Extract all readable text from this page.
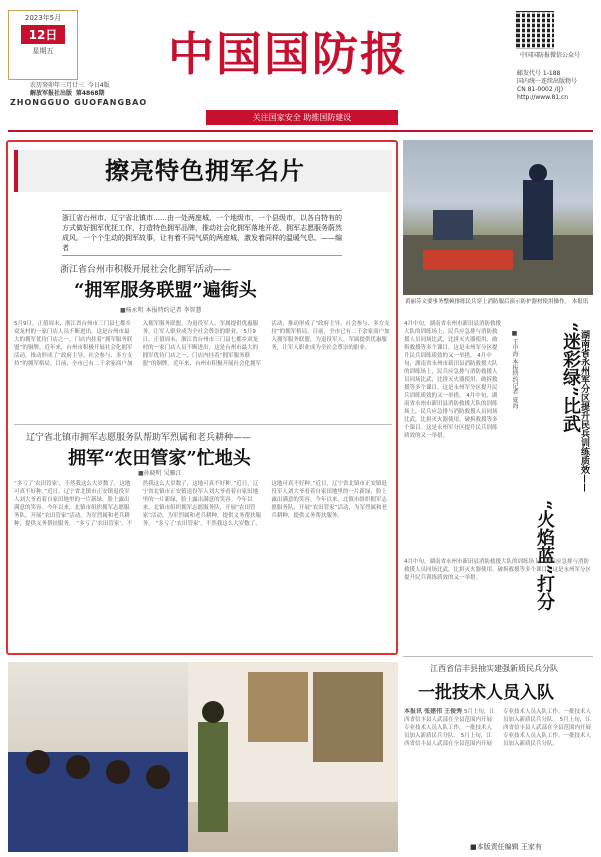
2023年5月
12日
星期五
农历癸卯年三月廿三 今日4版
解放军报社出版 第4868期
中国国防报
ZHONGGUO GUOFANGBAO
关注国家安全 助推国防建设
中国国防报微信公众号
邮发代号 1-188
国内统一连续出版物号
CN 81-0002 /(J)
http://www.81.cn
擦亮特色拥军名片
浙江省台州市、辽宁省北镇市……由一处两座城、一个地级市、一个县级市，以各自特有的方式做好拥军优抚工作，打造特色拥军品牌，推动社会化拥军落地开花、拥军志愿服务蔚然成风。一个个生动的拥军故事，让有着不同气质的两座城、激发着同样的温暖气息。——编者
浙江省台州市积极开展社会化拥军活动——
“拥军服务联盟”遍街头
■杨永明 本报特约记者 李智慧
5月9日，正值周末，浙江省台州市三门县七都乡双龙村的一家门店人员不断进出，这是台州市最大的拥军优待门店之一，门店内挂着“拥军服务联盟”的铜牌。近年来，台州市积极开展社会化拥军活动，推动形成了“政府主导、社会参与、多方支持”的拥军格局。目前，全市已有二千余家商户加入拥军服务联盟，为退役军人、军属提供优惠服务，让军人职业成为全社会尊崇的职业。 5月9日，正值周末，浙江省台州市三门县七都乡双龙村的一家门店人员不断进出，这是台州市最大的拥军优待门店之一，门店内挂着“拥军服务联盟”的铜牌。近年来，台州市积极开展社会化拥军活动，推动形成了“政府主导、社会参与、多方支持”的拥军格局。目前，全市已有二千余家商户加入拥军服务联盟，为退役军人、军属提供优惠服务，让军人职业成为全社会尊崇的职业。
辽宁省北镇市拥军志愿服务队帮助军烈属和老兵耕种——
拥军“农田管家”忙地头
■孙晓明 吴雁江
“多亏了‘农田管家’，不然我这么大岁数了，这地可真不好种。”近日，辽宁省北镇市正安镇退役军人刘大爷看着自家田地里的一片新绿，脸上露出满意的笑容。今年以来，北镇市组织拥军志愿服务队，开展“农田管家”活动，为军烈属和老兵耕种，提供义务帮扶服务。 “多亏了‘农田管家’，不然我这么大岁数了，这地可真不好种。”近日，辽宁省北镇市正安镇退役军人刘大爷看着自家田地里的一片新绿，脸上露出满意的笑容。今年以来，北镇市组织拥军志愿服务队，开展“农田管家”活动，为军烈属和老兵耕种，提供义务帮扶服务。 “多亏了‘农田管家’，不然我这么大岁数了，这地可真不好种。”近日，辽宁省北镇市正安镇退役军人刘大爷看着自家田地里的一片新绿，脸上露出满意的笑容。今年以来，北镇市组织拥军志愿服务队，开展“农田管家”活动，为军烈属和老兵耕种，提供义务帮扶服务。
黄丽芬文要事务整顿排练民兵穿上消防服后演示防护器材使用操作。 本报讯
“迷彩绿”比武
“火焰蓝”打分
湖南省永州军分区提升民兵训练质效——
■ 王中海 本报特约记者 夏海
4月中旬，湖南省永州市新田县消防救援大队的训练场上，民兵应急排与消防救援人员同场比武，比拼灭火器使用、破拆救援等多个课目。这是永州军分区提升民兵训练质效的又一举措。 4月中旬，湖南省永州市新田县消防救援大队的训练场上，民兵应急排与消防救援人员同场比武，比拼灭火器使用、破拆救援等多个课目。这是永州军分区提升民兵训练质效的又一举措。 4月中旬，湖南省永州市新田县消防救援大队的训练场上，民兵应急排与消防救援人员同场比武，比拼灭火器使用、破拆救援等多个课目。这是永州军分区提升民兵训练质效的又一举措。
4月中旬，湖南省永州市新田县消防救援大队的训练场上，民兵应急排与消防救援人员同场比武，比拼灭火器使用、破拆救援等多个课目。这是永州军分区提升民兵训练质效的又一举措。
江西省信丰县抽实建强新质民兵分队
一批技术人员入队
本报讯 张建伟 王俊秀 5月上旬，江西省信丰县人武部在全县范围内开展专业技术人员入队工作，一批技术人员加入新质民兵分队。 5月上旬，江西省信丰县人武部在全县范围内开展专业技术人员入队工作，一批技术人员加入新质民兵分队。 5月上旬，江西省信丰县人武部在全县范围内开展专业技术人员入队工作，一批技术人员加入新质民兵分队。
■本版责任编辑 王家有
